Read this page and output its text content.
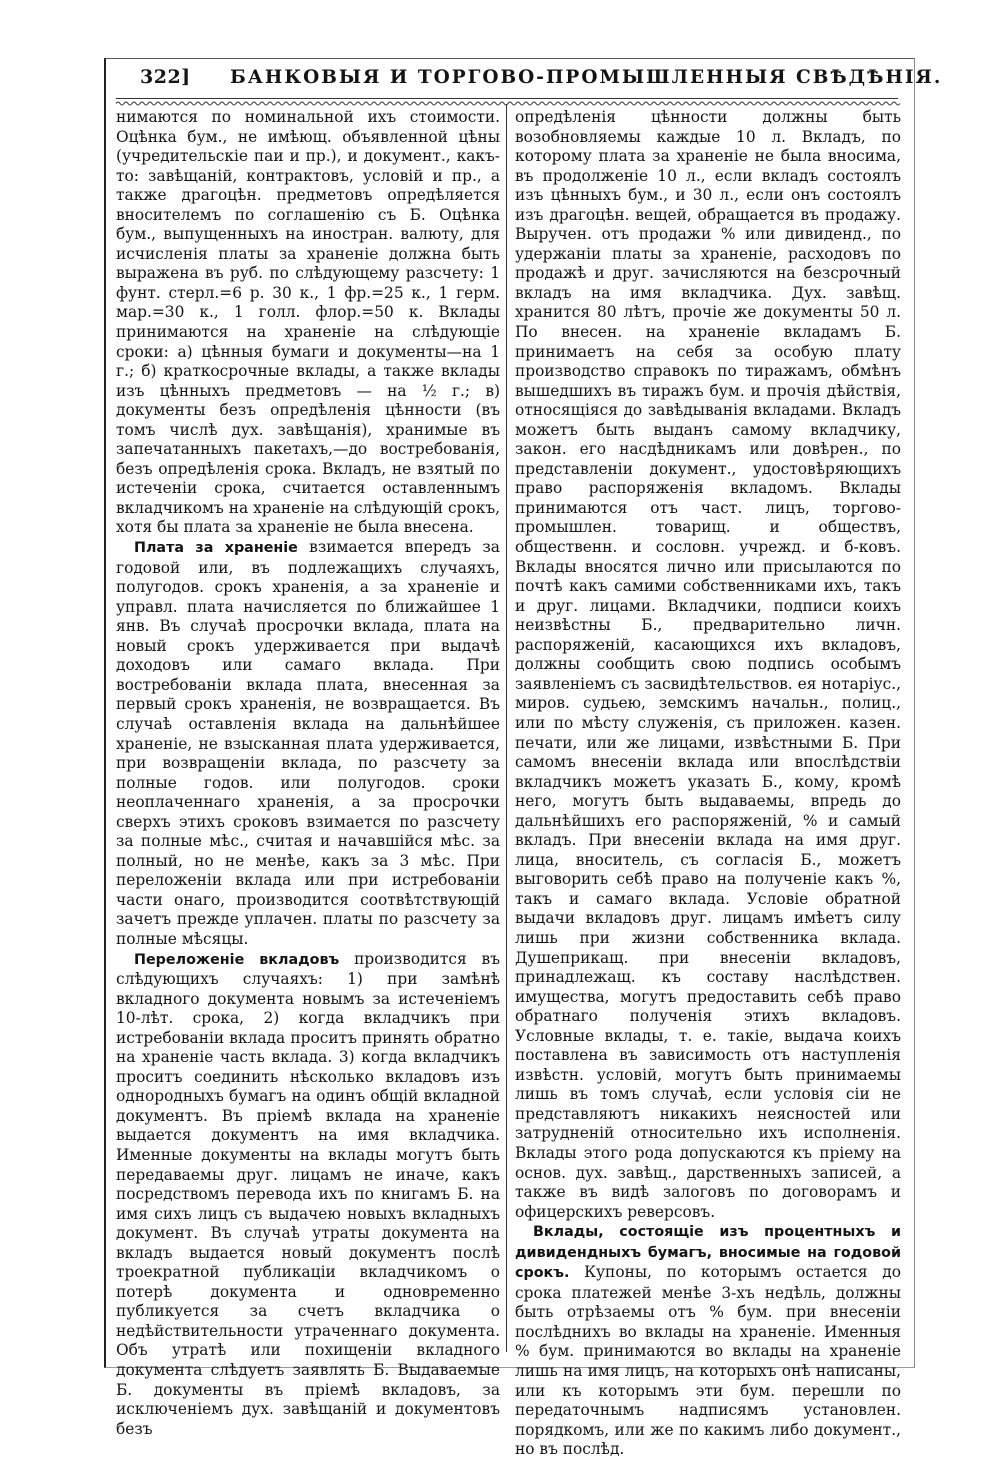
322] БАНКОВЫЯ И ТОРГОВО-ПРОМЫШЛЕННЫЯ СВѢДѢНІЯ.

нимаются по номинальной ихъ стоимости. Оцѣнка бум., не имѣющ. объявленной цѣны (учредительскіе паи и пр.), и документ., какъ-то: завѣщаній, контрактовъ, условій и пр., а также драгоцѣн. предметовъ опредѣляется вносителемъ по соглашенію съ Б. Оцѣнка бум., выпущенныхъ на иностран. валюту, для исчисленія платы за храненіе должна быть выражена въ руб. по слѣдующему разсчету: 1 фунт. стерл.=6 р. 30 к., 1 фр.=25 к., 1 герм. мар.=30 к., 1 голл. флор.=50 к. Вклады принимаются на храненіе на слѣдующіе сроки: а) цѣнныя бумаги и документы—на 1 г.; б) краткосрочные вклады, а также вклады изъ цѣнныхъ предметовъ — на ½ г.; в) документы безъ опредѣленія цѣнности (въ томъ числѣ дух. завѣщанія), хранимые въ запечатанныхъ пакетахъ,—до востребованія, безъ опредѣленія срока. Вкладъ, не взятый по истеченіи срока, считается оставленнымъ вкладчикомъ на храненіе на слѣдующій срокъ, хотя бы плата за храненіе не была внесена.

Плата за храненіе взимается впередъ за годовой или, въ подлежащихъ случаяхъ, полугодов. срокъ храненія, а за храненіе и управл. плата начисляется по ближайшее 1 янв. Въ случаѣ просрочки вклада, плата на новый срокъ удерживается при выдачѣ доходовъ или самаго вклада. При востребованіи вклада плата, внесенная за первый срокъ храненія, не возвращается. Въ случаѣ оставленія вклада на дальнѣйшее храненіе, не взысканная плата удерживается, при возвращеніи вклада, по разсчету за полные годов. или полугодов. сроки неоплаченнаго храненія, а за просрочки сверхъ этихъ сроковъ взимается по разсчету за полные мѣс., считая и начавшійся мѣс. за полный, но не менѣе, какъ за 3 мѣс. При переложеніи вклада или при истребованіи части онаго, производится соотвѣтствующій зачетъ прежде уплачен. платы по разсчету за полные мѣсяцы.

Переложеніе вкладовъ производится въ слѣдующихъ случаяхъ: 1) при замѣнѣ вкладного документа новымъ за истеченіемъ 10-лѣт. срока, 2) когда вкладчикъ при истребованіи вклада проситъ принять обратно на храненіе часть вклада. 3) когда вкладчикъ проситъ соединить нѣсколько вкладовъ изъ однородныхъ бумагъ на одинъ общій вкладной документъ. Въ пріемѣ вклада на храненіе выдается документъ на имя вкладчика. Именные документы на вклады могутъ быть передаваемы друг. лицамъ не иначе, какъ посредствомъ перевода ихъ по книгамъ Б. на имя сихъ лицъ съ выдачею новыхъ вкладныхъ документ. Въ случаѣ утраты документа на вкладъ выдается новый документъ послѣ троекратной публикаціи вкладчикомъ о потерѣ документа и одновременно публикуется за счетъ вкладчика о недѣйствительности утраченнаго документа. Объ утратѣ или похищеніи вкладного документа слѣдуетъ заявлять Б. Выдаваемые Б. документы въ пріемѣ вкладовъ, за исключеніемъ дух. завѣщаній и документовъ безъ

опредѣленія цѣнности должны быть возобновляемы каждые 10 л. Вкладъ, по которому плата за храненіе не была вносима, въ продолженіе 10 л., если вкладъ состоялъ изъ цѣнныхъ бум., и 30 л., если онъ состоялъ изъ драгоцѣн. вещей, обращается въ продажу. Выручен. отъ продажи % или дивиденд., по удержаніи платы за храненіе, расходовъ по продажѣ и друг. зачисляются на безсрочный вкладъ на имя вкладчика. Дух. завѣщ. хранится 80 лѣтъ, прочіе же документы 50 л. По внесен. на храненіе вкладамъ Б. принимаетъ на себя за особую плату производство справокъ по тиражамъ, обмѣнъ вышедшихъ въ тиражъ бум. и прочія дѣйствія, относящіяся до завѣдыванія вкладами. Вкладъ можетъ быть выданъ самому вкладчику, закон. его насдѣдникамъ или довѣрен., по представленіи документ., удостовѣряющихъ право распоряженія вкладомъ. Вклады принимаются отъ част. лицъ, торгово-промышлен. товарищ. и обществъ, общественн. и сословн. учрежд. и б-ковъ. Вклады вносятся лично или присылаются по почтѣ какъ самими собственниками ихъ, такъ и друг. лицами. Вкладчики, подписи коихъ неизвѣстны Б., предварительно личн. распоряженій, касающихся ихъ вкладовъ, должны сообщить свою подпись особымъ заявленіемъ съ засвидѣтельствов. ея нотаріус., миров. судьею, земскимъ начальн., полиц., или по мѣсту служенія, съ приложен. казен. печати, или же лицами, извѣстными Б. При самомъ внесеніи вклада или впослѣдствіи вкладчикъ можетъ указать Б., кому, кромѣ него, могутъ быть выдаваемы, впредь до дальнѣйшихъ его распоряженій, % и самый вкладъ. При внесеніи вклада на имя друг. лица, вноситель, съ согласія Б., можетъ выговорить себѣ право на полученіе какъ %, такъ и самаго вклада. Условіе обратной выдачи вкладовъ друг. лицамъ имѣетъ силу лишь при жизни собственника вклада. Душеприкащ. при внесеніи вкладовъ, принадлежащ. къ составу наслѣдствен. имущества, могутъ предоставить себѣ право обратнаго полученія этихъ вкладовъ. Условные вклады, т. е. такіе, выдача коихъ поставлена въ зависимость отъ наступленія извѣстн. условій, могутъ быть принимаемы лишь въ томъ случаѣ, если условія сіи не представляютъ никакихъ неясностей или затрудненій относительно ихъ исполненія. Вклады этого рода допускаются къ пріему на основ. дух. завѣщ., дарственныхъ записей, а также въ видѣ залоговъ по договорамъ и офицерскихъ реверсовъ.

Вклады, состоящіе изъ процентныхъ и дивидендныхъ бумагъ, вносимые на годовой срокъ. Купоны, по которымъ остается до срока платежей менѣе 3-хъ недѣль, должны быть отрѣзаемы отъ % бум. при внесеніи послѣднихъ во вклады на храненіе. Именныя % бум. принимаются во вклады на храненіе лишь на имя лицъ, на которыхъ онѣ написаны, или къ которымъ эти бум. перешли по передаточнымъ надписямъ установлен. порядкомъ, или же по какимъ либо документ., но въ послѣд.
